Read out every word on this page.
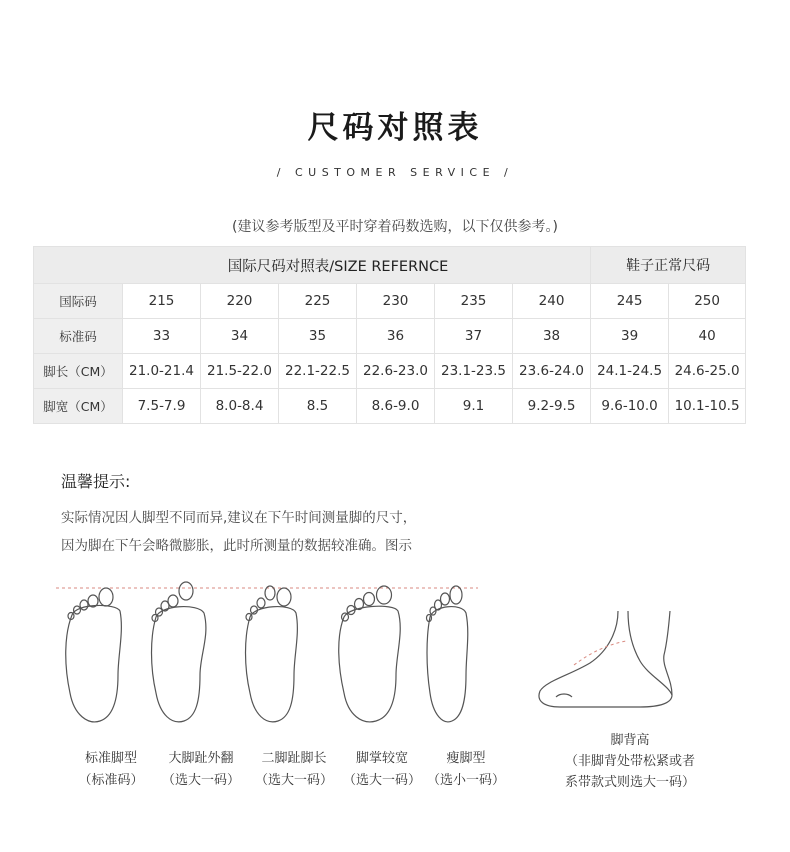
尺码对照表
/ CUSTOMER SERVICE /
(建议参考版型及平时穿着码数选购，以下仅供参考。)
国际尺码对照表/SIZE REFERNCE							鞋子正常尺码	
国际码	215	220	225	230	235	240	245	250
标准码	33	34	35	36	37	38	39	40
脚长（CM）	21.0-21.4	21.5-22.0	22.1-22.5	22.6-23.0	23.1-23.5	23.6-24.0	24.1-24.5	24.6-25.0
脚宽（CM）	7.5-7.9	8.0-8.4	8.5	8.6-9.0	9.1	9.2-9.5	9.6-10.0	10.1-10.5
温馨提示:
实际情况因人脚型不同而异,建议在下午时间测量脚的尺寸，
因为脚在下午会略微膨胀，此时所测量的数据较准确。图示
标准脚型
（标准码）
大脚趾外翻
（选大一码）
二脚趾脚长
（选大一码）
脚掌较宽
（选大一码）
瘦脚型
（选小一码）
脚背高
（非脚背处带松紧或者
系带款式则选大一码）
